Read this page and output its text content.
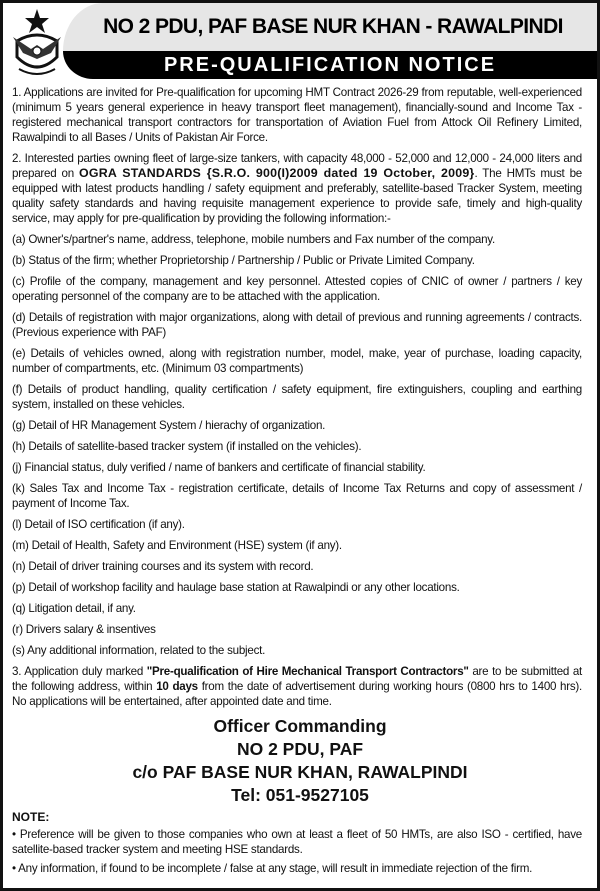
NO 2 PDU, PAF BASE NUR KHAN - RAWALPINDI
PRE-QUALIFICATION NOTICE

1. Applications are invited for Pre-qualification for upcoming HMT Contract 2026-29 from reputable, well-experienced (minimum 5 years general experience in heavy transport fleet management), financially-sound and Income Tax - registered mechanical transport contractors for transportation of Aviation Fuel from Attock Oil Refinery Limited, Rawalpindi to all Bases / Units of Pakistan Air Force.

2. Interested parties owning fleet of large-size tankers, with capacity 48,000 - 52,000 and 12,000 - 24,000 liters and prepared on OGRA STANDARDS {S.R.O. 900(I)2009 dated 19 October, 2009}. The HMTs must be equipped with latest products handling / safety equipment and preferably, satellite-based Tracker System, meeting quality safety standards and having requisite management experience to provide safe, timely and high-quality service, may apply for pre-qualification by providing the following information:-

(a) Owner's/partner's name, address, telephone, mobile numbers and Fax number of the company.

(b) Status of the firm; whether Proprietorship / Partnership / Public or Private Limited Company.

(c) Profile of the company, management and key personnel. Attested copies of CNIC of owner / partners / key operating personnel of the company are to be attached with the application.

(d) Details of registration with major organizations, along with detail of previous and running agreements / contracts. (Previous experience with PAF)

(e) Details of vehicles owned, along with registration number, model, make, year of purchase, loading capacity, number of compartments, etc. (Minimum 03 compartments)

(f) Details of product handling, quality certification / safety equipment, fire extinguishers, coupling and earthing system, installed on these vehicles.

(g) Detail of HR Management System / hierachy of organization.

(h) Details of satellite-based tracker system (if installed on the vehicles).

(j) Financial status, duly verified / name of bankers and certificate of financial stability.

(k) Sales Tax and Income Tax - registration certificate, details of Income Tax Returns and copy of assessment / payment of Income Tax.

(l) Detail of ISO certification (if any).

(m) Detail of Health, Safety and Environment (HSE) system (if any).

(n) Detail of driver training courses and its system with record.

(p) Detail of workshop facility and haulage base station at Rawalpindi or any other locations.

(q) Litigation detail, if any.

(r) Drivers salary & insentives

(s) Any additional information, related to the subject.

3. Application duly marked "Pre-qualification of Hire Mechanical Transport Contractors" are to be submitted at the following address, within 10 days from the date of advertisement during working hours (0800 hrs to 1400 hrs). No applications will be entertained, after appointed date and time.

Officer Commanding
NO 2 PDU, PAF
c/o PAF BASE NUR KHAN, RAWALPINDI
Tel: 051-9527105
NOTE:

• Preference will be given to those companies who own at least a fleet of 50 HMTs, are also ISO - certified, have satellite-based tracker system and meeting HSE standards.

• Any information, if found to be incomplete / false at any stage, will result in immediate rejection of the firm.
